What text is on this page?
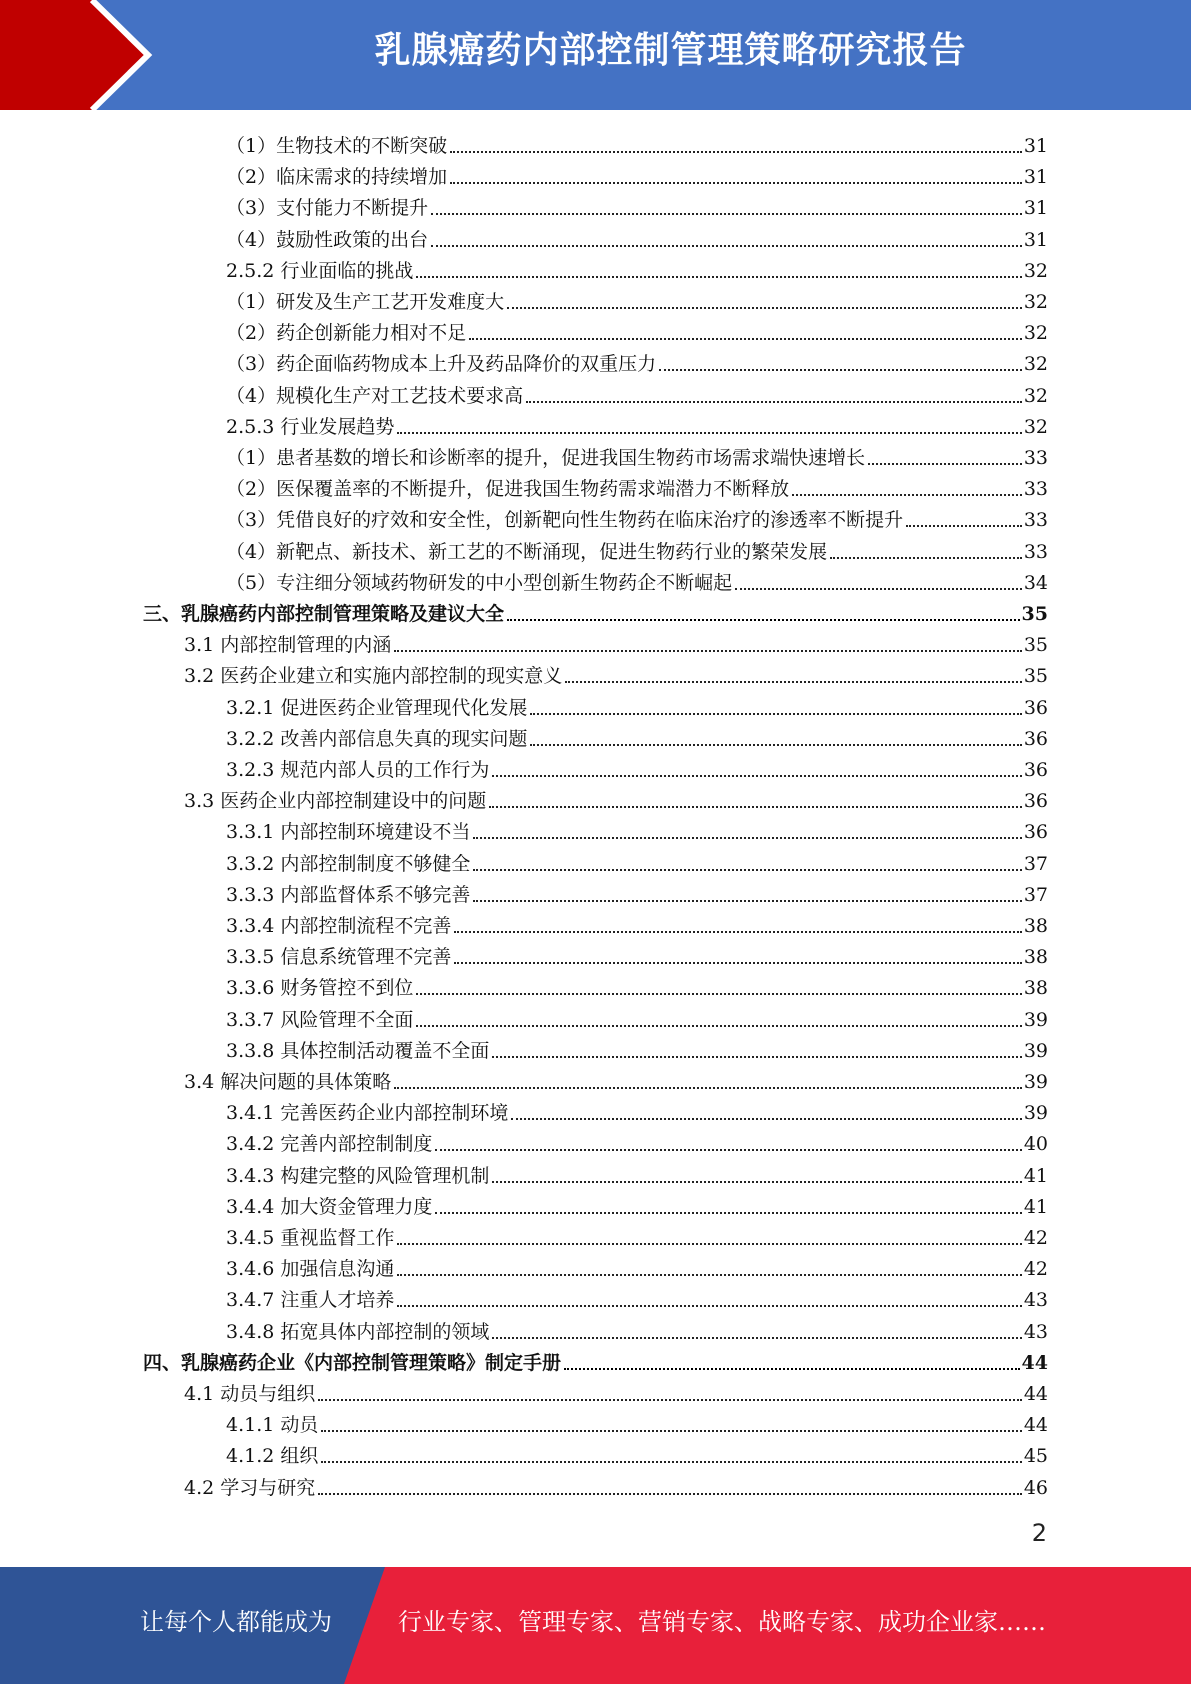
乳腺癌药内部控制管理策略研究报告
（1）生物技术的不断突破	31
（2）临床需求的持续增加	31
（3）支付能力不断提升	31
（4）鼓励性政策的出台	31
2.5.2 行业面临的挑战	32
（1）研发及生产工艺开发难度大	32
（2）药企创新能力相对不足	32
（3）药企面临药物成本上升及药品降价的双重压力	32
（4）规模化生产对工艺技术要求高	32
2.5.3 行业发展趋势	32
（1）患者基数的增长和诊断率的提升，促进我国生物药市场需求端快速增长	33
（2）医保覆盖率的不断提升，促进我国生物药需求端潜力不断释放	33
（3）凭借良好的疗效和安全性，创新靶向性生物药在临床治疗的渗透率不断提升	33
（4）新靶点、新技术、新工艺的不断涌现，促进生物药行业的繁荣发展	33
（5）专注细分领域药物研发的中小型创新生物药企不断崛起	34
三、乳腺癌药内部控制管理策略及建议大全	35
3.1 内部控制管理的内涵	35
3.2 医药企业建立和实施内部控制的现实意义	35
3.2.1 促进医药企业管理现代化发展	36
3.2.2 改善内部信息失真的现实问题	36
3.2.3 规范内部人员的工作行为	36
3.3 医药企业内部控制建设中的问题	36
3.3.1 内部控制环境建设不当	36
3.3.2 内部控制制度不够健全	37
3.3.3 内部监督体系不够完善	37
3.3.4 内部控制流程不完善	38
3.3.5 信息系统管理不完善	38
3.3.6 财务管控不到位	38
3.3.7 风险管理不全面	39
3.3.8 具体控制活动覆盖不全面	39
3.4 解决问题的具体策略	39
3.4.1 完善医药企业内部控制环境	39
3.4.2 完善内部控制制度	40
3.4.3 构建完整的风险管理机制	41
3.4.4 加大资金管理力度	41
3.4.5 重视监督工作	42
3.4.6 加强信息沟通	42
3.4.7 注重人才培养	43
3.4.8 拓宽具体内部控制的领域	43
四、乳腺癌药企业《内部控制管理策略》制定手册	44
4.1 动员与组织	44
4.1.1 动员	44
4.1.2 组织	45
4.2 学习与研究	46
2
让每个人都能成为	行业专家、管理专家、营销专家、战略专家、成功企业家……
